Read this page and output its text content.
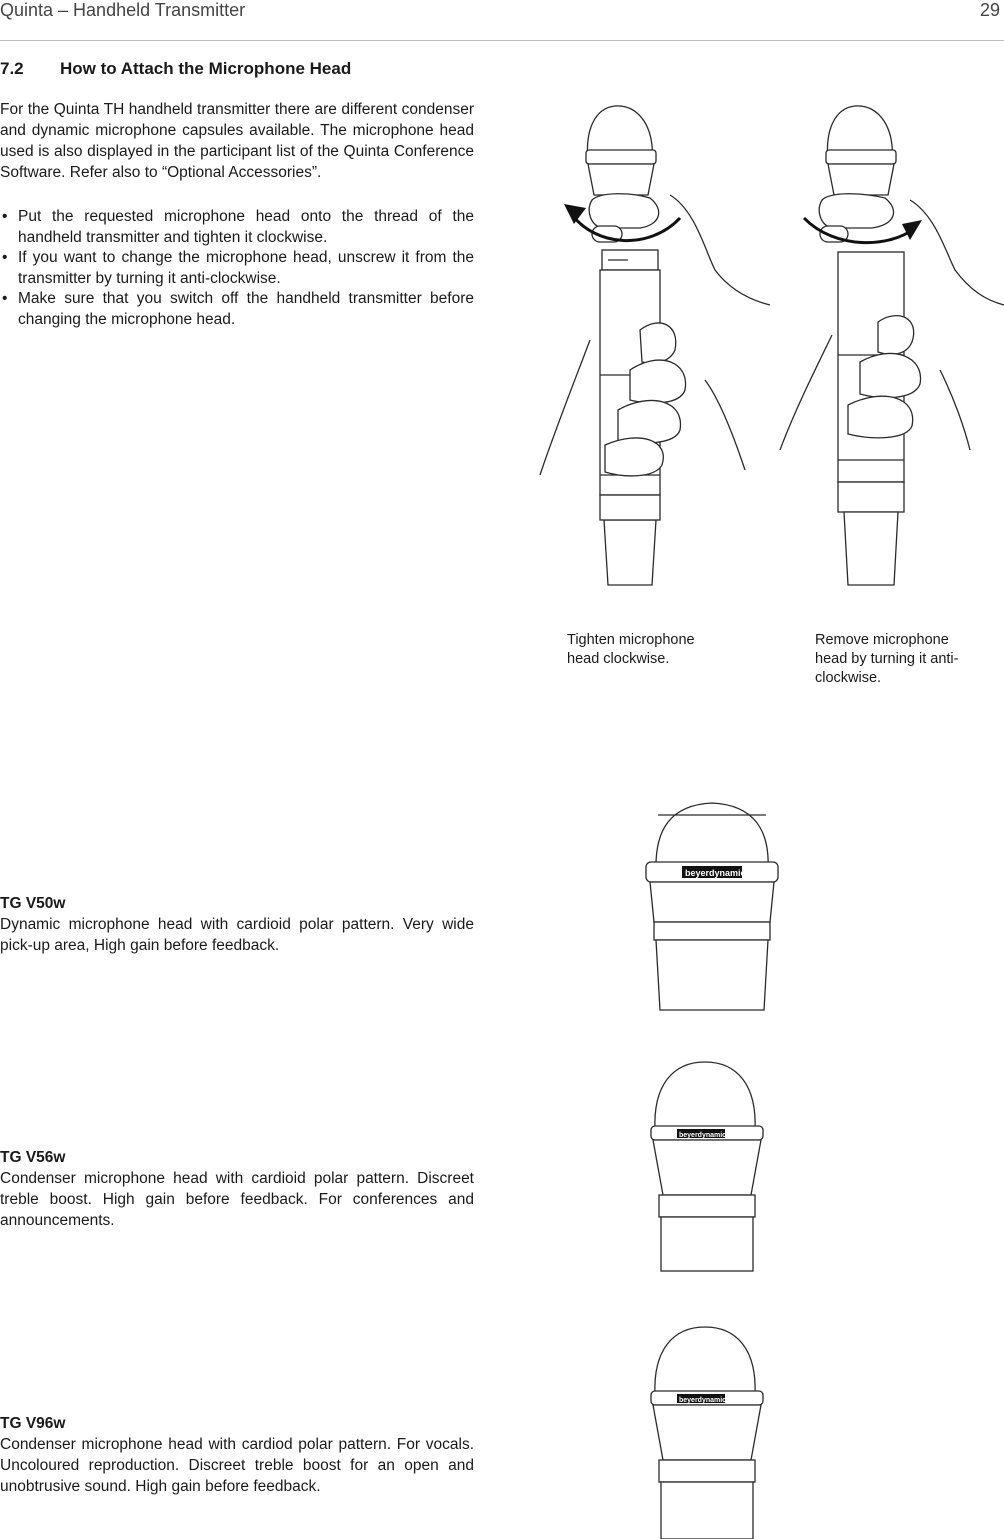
Quinta – Handheld Transmitter	29
7.2 How to Attach the Microphone Head
For the Quinta TH handheld transmitter there are different condenser and dynamic microphone capsules available. The microphone head used is also displayed in the participant list of the Quinta Conference Software. Refer also to “Optional Accessories”.
• Put the requested microphone head onto the thread of the handheld transmitter and tighten it clockwise.
• If you want to change the microphone head, unscrew it from the transmitter by turning it anti-clockwise.
• Make sure that you switch off the handheld transmitter before changing the microphone head.
Tighten microphone head clockwise.
Remove microphone head by turning it anti-clockwise.
TG V50w
Dynamic microphone head with cardioid polar pattern. Very wide pick-up area, High gain before feedback.
beyerdynamic
TG V56w
Condenser microphone head with cardioid polar pattern. Discreet treble boost. High gain before feedback. For conferences and announcements.
beyerdynamic
TG V96w
Condenser microphone head with cardiod polar pattern. For vocals. Uncoloured reproduction. Discreet treble boost for an open and unobtrusive sound. High gain before feedback.
beyerdynamic
